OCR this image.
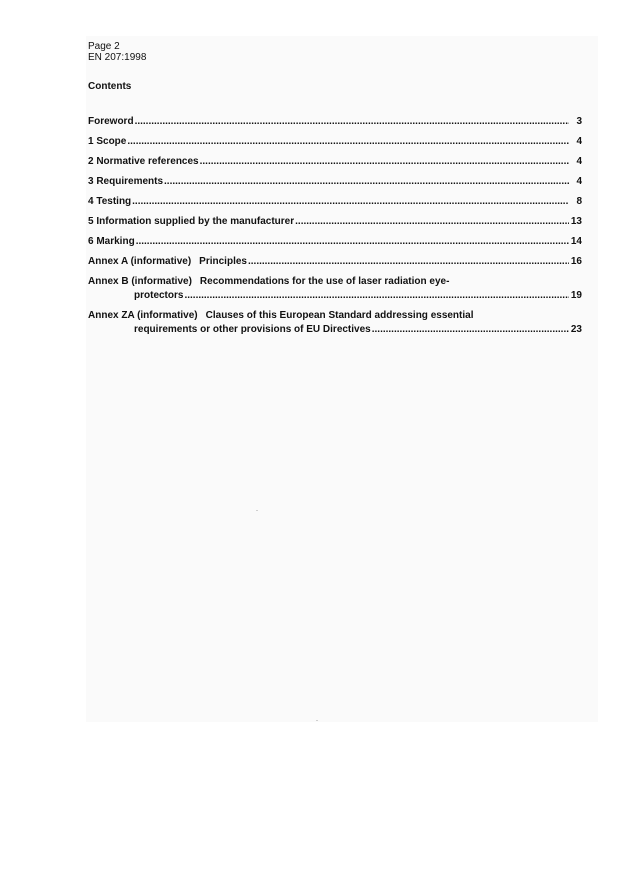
Page 2
EN 207:1998
Contents
Foreword .....	3
1 Scope .....	4
2 Normative references .....	4
3 Requirements .....	4
4 Testing .....	8
5 Information supplied by the manufacturer .....	13
6 Marking .....	14
Annex A (informative) Principles .....	16
Annex B (informative) Recommendations for the use of laser radiation eye-
protectors .....	19
Annex ZA (informative) Clauses of this European Standard addressing essential
requirements or other provisions of EU Directives .....	23
